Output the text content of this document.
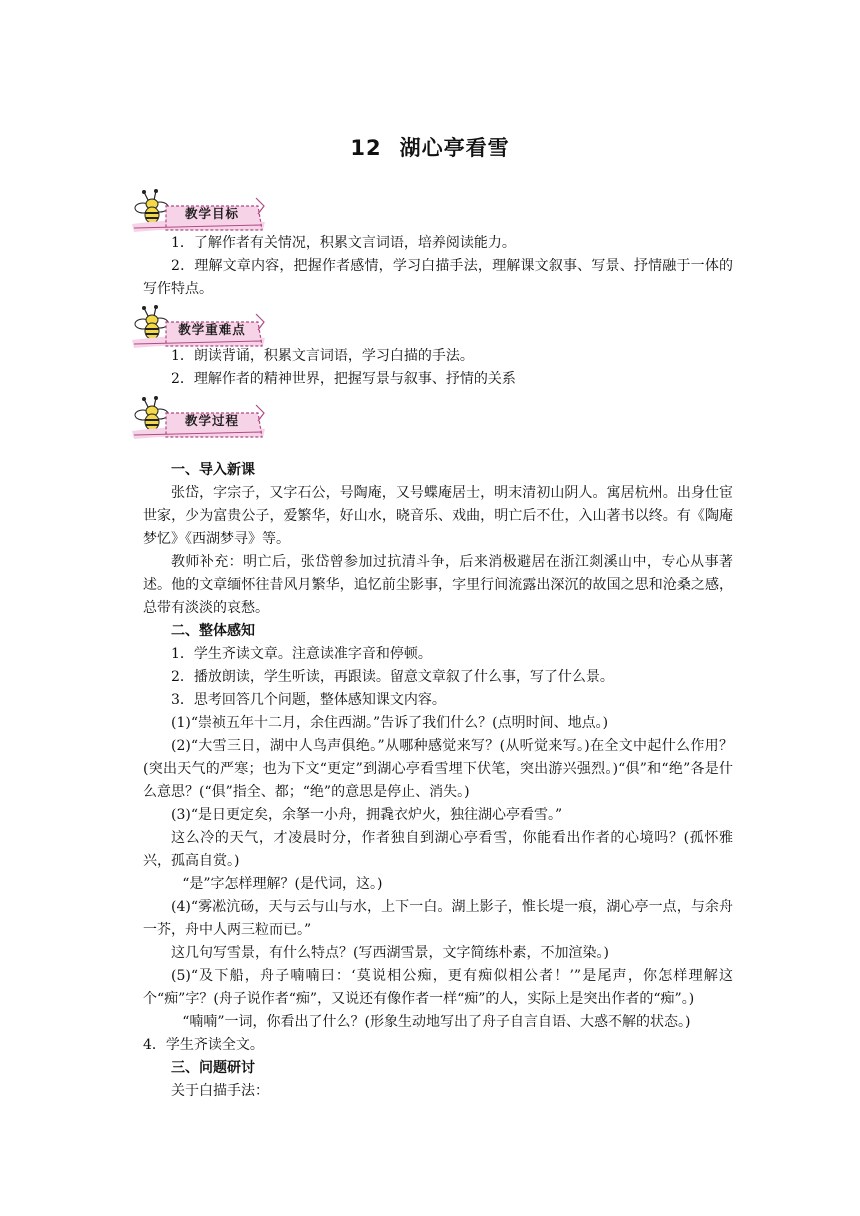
12 湖心亭看雪
教学目标

1．了解作者有关情况，积累文言词语，培养阅读能力。

2．理解文章内容，把握作者感情，学习白描手法，理解课文叙事、写景、抒情融于一体的写作特点。

教学重难点

1．朗读背诵，积累文言词语，学习白描的手法。

2．理解作者的精神世界，把握写景与叙事、抒情的关系

教学过程

一、导入新课

张岱，字宗子，又字石公，号陶庵，又号蝶庵居士，明末清初山阴人。寓居杭州。出身仕宦世家，少为富贵公子，爱繁华，好山水，晓音乐、戏曲，明亡后不仕，入山著书以终。有《陶庵梦忆》《西湖梦寻》等。

教师补充：明亡后，张岱曾参加过抗清斗争，后来消极避居在浙江剡溪山中，专心从事著述。他的文章缅怀往昔风月繁华，追忆前尘影事，字里行间流露出深沉的故国之思和沧桑之感，总带有淡淡的哀愁。

二、整体感知

1．学生齐读文章。注意读准字音和停顿。

2．播放朗读，学生听读，再跟读。留意文章叙了什么事，写了什么景。

3．思考回答几个问题，整体感知课文内容。

(1)“崇祯五年十二月，余住西湖。”告诉了我们什么？(点明时间、地点。)

(2)“大雪三日，湖中人鸟声俱绝。”从哪种感觉来写？(从听觉来写。)在全文中起什么作用？(突出天气的严寒；也为下文“更定”到湖心亭看雪埋下伏笔，突出游兴强烈。)“俱”和“绝”各是什么意思？(“俱”指全、都；“绝”的意思是停止、消失。)

(3)“是日更定矣，余拏一小舟，拥毳衣炉火，独往湖心亭看雪。”

这么冷的天气，才凌晨时分，作者独自到湖心亭看雪，你能看出作者的心境吗？(孤怀雅兴，孤高自赏。)

“是”字怎样理解？(是代词，这。)

(4)“雾凇沆砀，天与云与山与水，上下一白。湖上影子，惟长堤一痕，湖心亭一点，与余舟一芥，舟中人两三粒而已。”

这几句写雪景，有什么特点？(写西湖雪景，文字简练朴素，不加渲染。)

(5)“及下船，舟子喃喃曰：‘莫说相公痴，更有痴似相公者！’”是尾声，你怎样理解这个“痴”字？(舟子说作者“痴”，又说还有像作者一样“痴”的人，实际上是突出作者的“痴”。)

“喃喃”一词，你看出了什么？(形象生动地写出了舟子自言自语、大惑不解的状态。)

4．学生齐读全文。

三、问题研讨

关于白描手法：
